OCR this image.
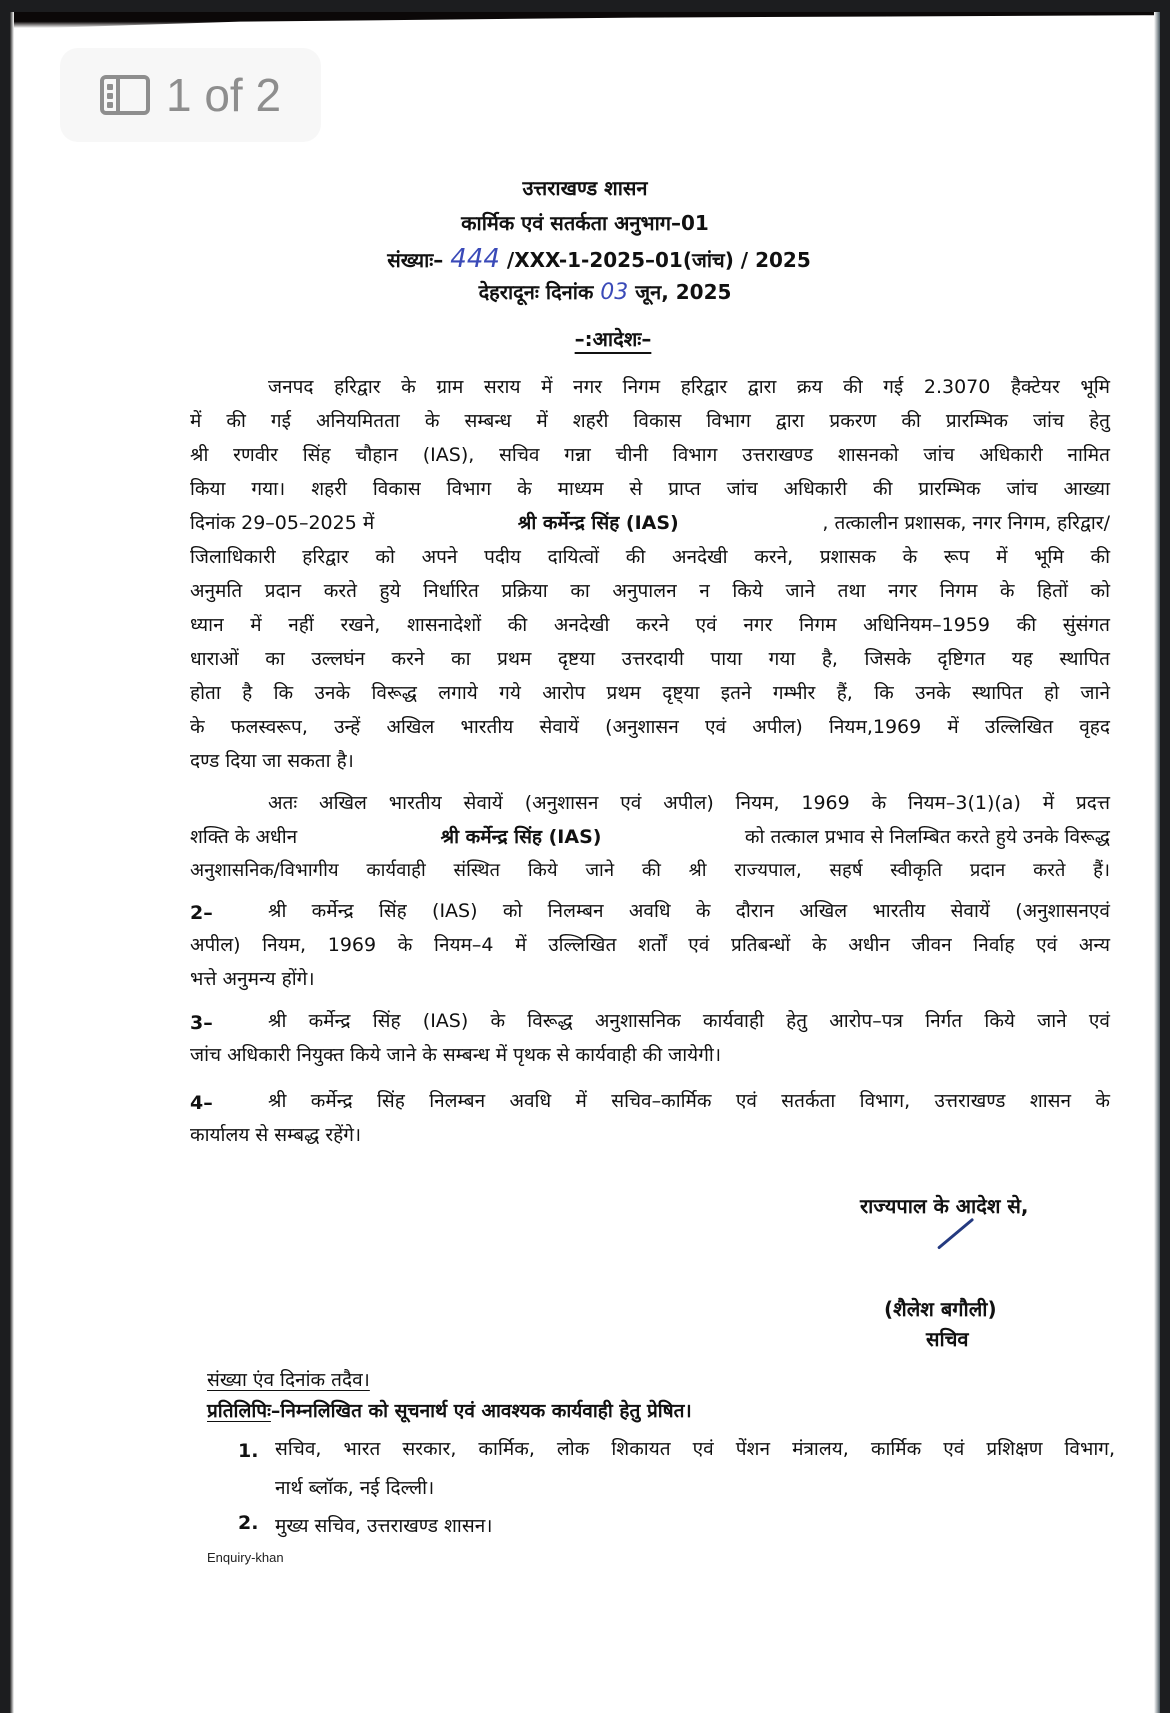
उत्तराखण्ड शासन
कार्मिक एवं सतर्कता अनुभाग–01
संख्याः– 444 /XXX-1-2025–01(जांच) / 2025
देहरादूनः दिनांक 03 जून, 2025
–:आदेशः–
जनपद हरिद्वार के ग्राम सराय में नगर निगम हरिद्वार द्वारा क्रय की गई 2.3070 हैक्टेयर भूमि
में की गई अनियमितता के सम्बन्ध में शहरी विकास विभाग द्वारा प्रकरण की प्रारम्भिक जांच हेतु
श्री रणवीर सिंह चौहान (IAS), सचिव गन्ना चीनी विभाग उत्तराखण्ड शासनको जांच अधिकारी नामित
किया गया। शहरी विकास विभाग के माध्यम से प्राप्त जांच अधिकारी की प्रारम्भिक जांच आख्या
दिनांक 29–05–2025 में	श्री कर्मेन्द्र सिंह (IAS)	, तत्कालीन प्रशासक, नगर निगम, हरिद्वार/
जिलाधिकारी हरिद्वार को अपने पदीय दायित्वों की अनदेखी करने, प्रशासक के रूप में भूमि की
अनुमति प्रदान करते हुये निर्धारित प्रक्रिया का अनुपालन न किये जाने तथा नगर निगम के हितों को
ध्यान में नहीं रखने, शासनादेशों की अनदेखी करने एवं नगर निगम अधिनियम–1959 की सुंसंगत
धाराओं का उल्लघंन करने का प्रथम दृष्टया उत्तरदायी पाया गया है, जिसके दृष्टिगत यह स्थापित
होता है कि उनके विरूद्ध लगाये गये आरोप प्रथम दृष्ट्या इतने गम्भीर हैं, कि उनके स्थापित हो जाने
के फलस्वरूप, उन्हें अखिल भारतीय सेवायें (अनुशासन एवं अपील) नियम,1969 में उल्लिखित वृहद
दण्ड दिया जा सकता है।
अतः अखिल भारतीय सेवायें (अनुशासन एवं अपील) नियम, 1969 के नियम–3(1)(a) में प्रदत्त
शक्ति के अधीन	श्री कर्मेन्द्र सिंह (IAS)	को तत्काल प्रभाव से निलम्बित करते हुये उनके विरूद्ध
अनुशासनिक/विभागीय कार्यवाही संस्थित किये जाने की श्री राज्यपाल, सहर्ष स्वीकृति प्रदान करते हैं।
2–	श्री कर्मेन्द्र सिंह (IAS) को निलम्बन अवधि के दौरान अखिल भारतीय सेवायें (अनुशासनएवं
अपील) नियम, 1969 के नियम–4 में उल्लिखित शर्तों एवं प्रतिबन्धों के अधीन जीवन निर्वाह एवं अन्य
भत्ते अनुमन्य होंगे।
3–	श्री कर्मेन्द्र सिंह (IAS) के विरूद्ध अनुशासनिक कार्यवाही हेतु आरोप–पत्र निर्गत किये जाने एवं
जांच अधिकारी नियुक्त किये जाने के सम्बन्ध में पृथक से कार्यवाही की जायेगी।
4–	श्री कर्मेन्द्र सिंह निलम्बन अवधि में सचिव–कार्मिक एवं सतर्कता विभाग, उत्तराखण्ड शासन के
कार्यालय से सम्बद्ध रहेंगे।
राज्यपाल के आदेश से,
(शैलेश बगौली)
सचिव
संख्या एंव दिनांक तदैव।
प्रतिलिपिः–निम्नलिखित को सूचनार्थ एवं आवश्यक कार्यवाही हेतु प्रेषित।
1. सचिव, भारत सरकार, कार्मिक, लोक शिकायत एवं पेंशन मंत्रालय, कार्मिक एवं प्रशिक्षण विभाग,
नार्थ ब्लॉक, नई दिल्ली।
2. मुख्य सचिव, उत्तराखण्ड शासन।
Enquiry-khan
1 of 2
